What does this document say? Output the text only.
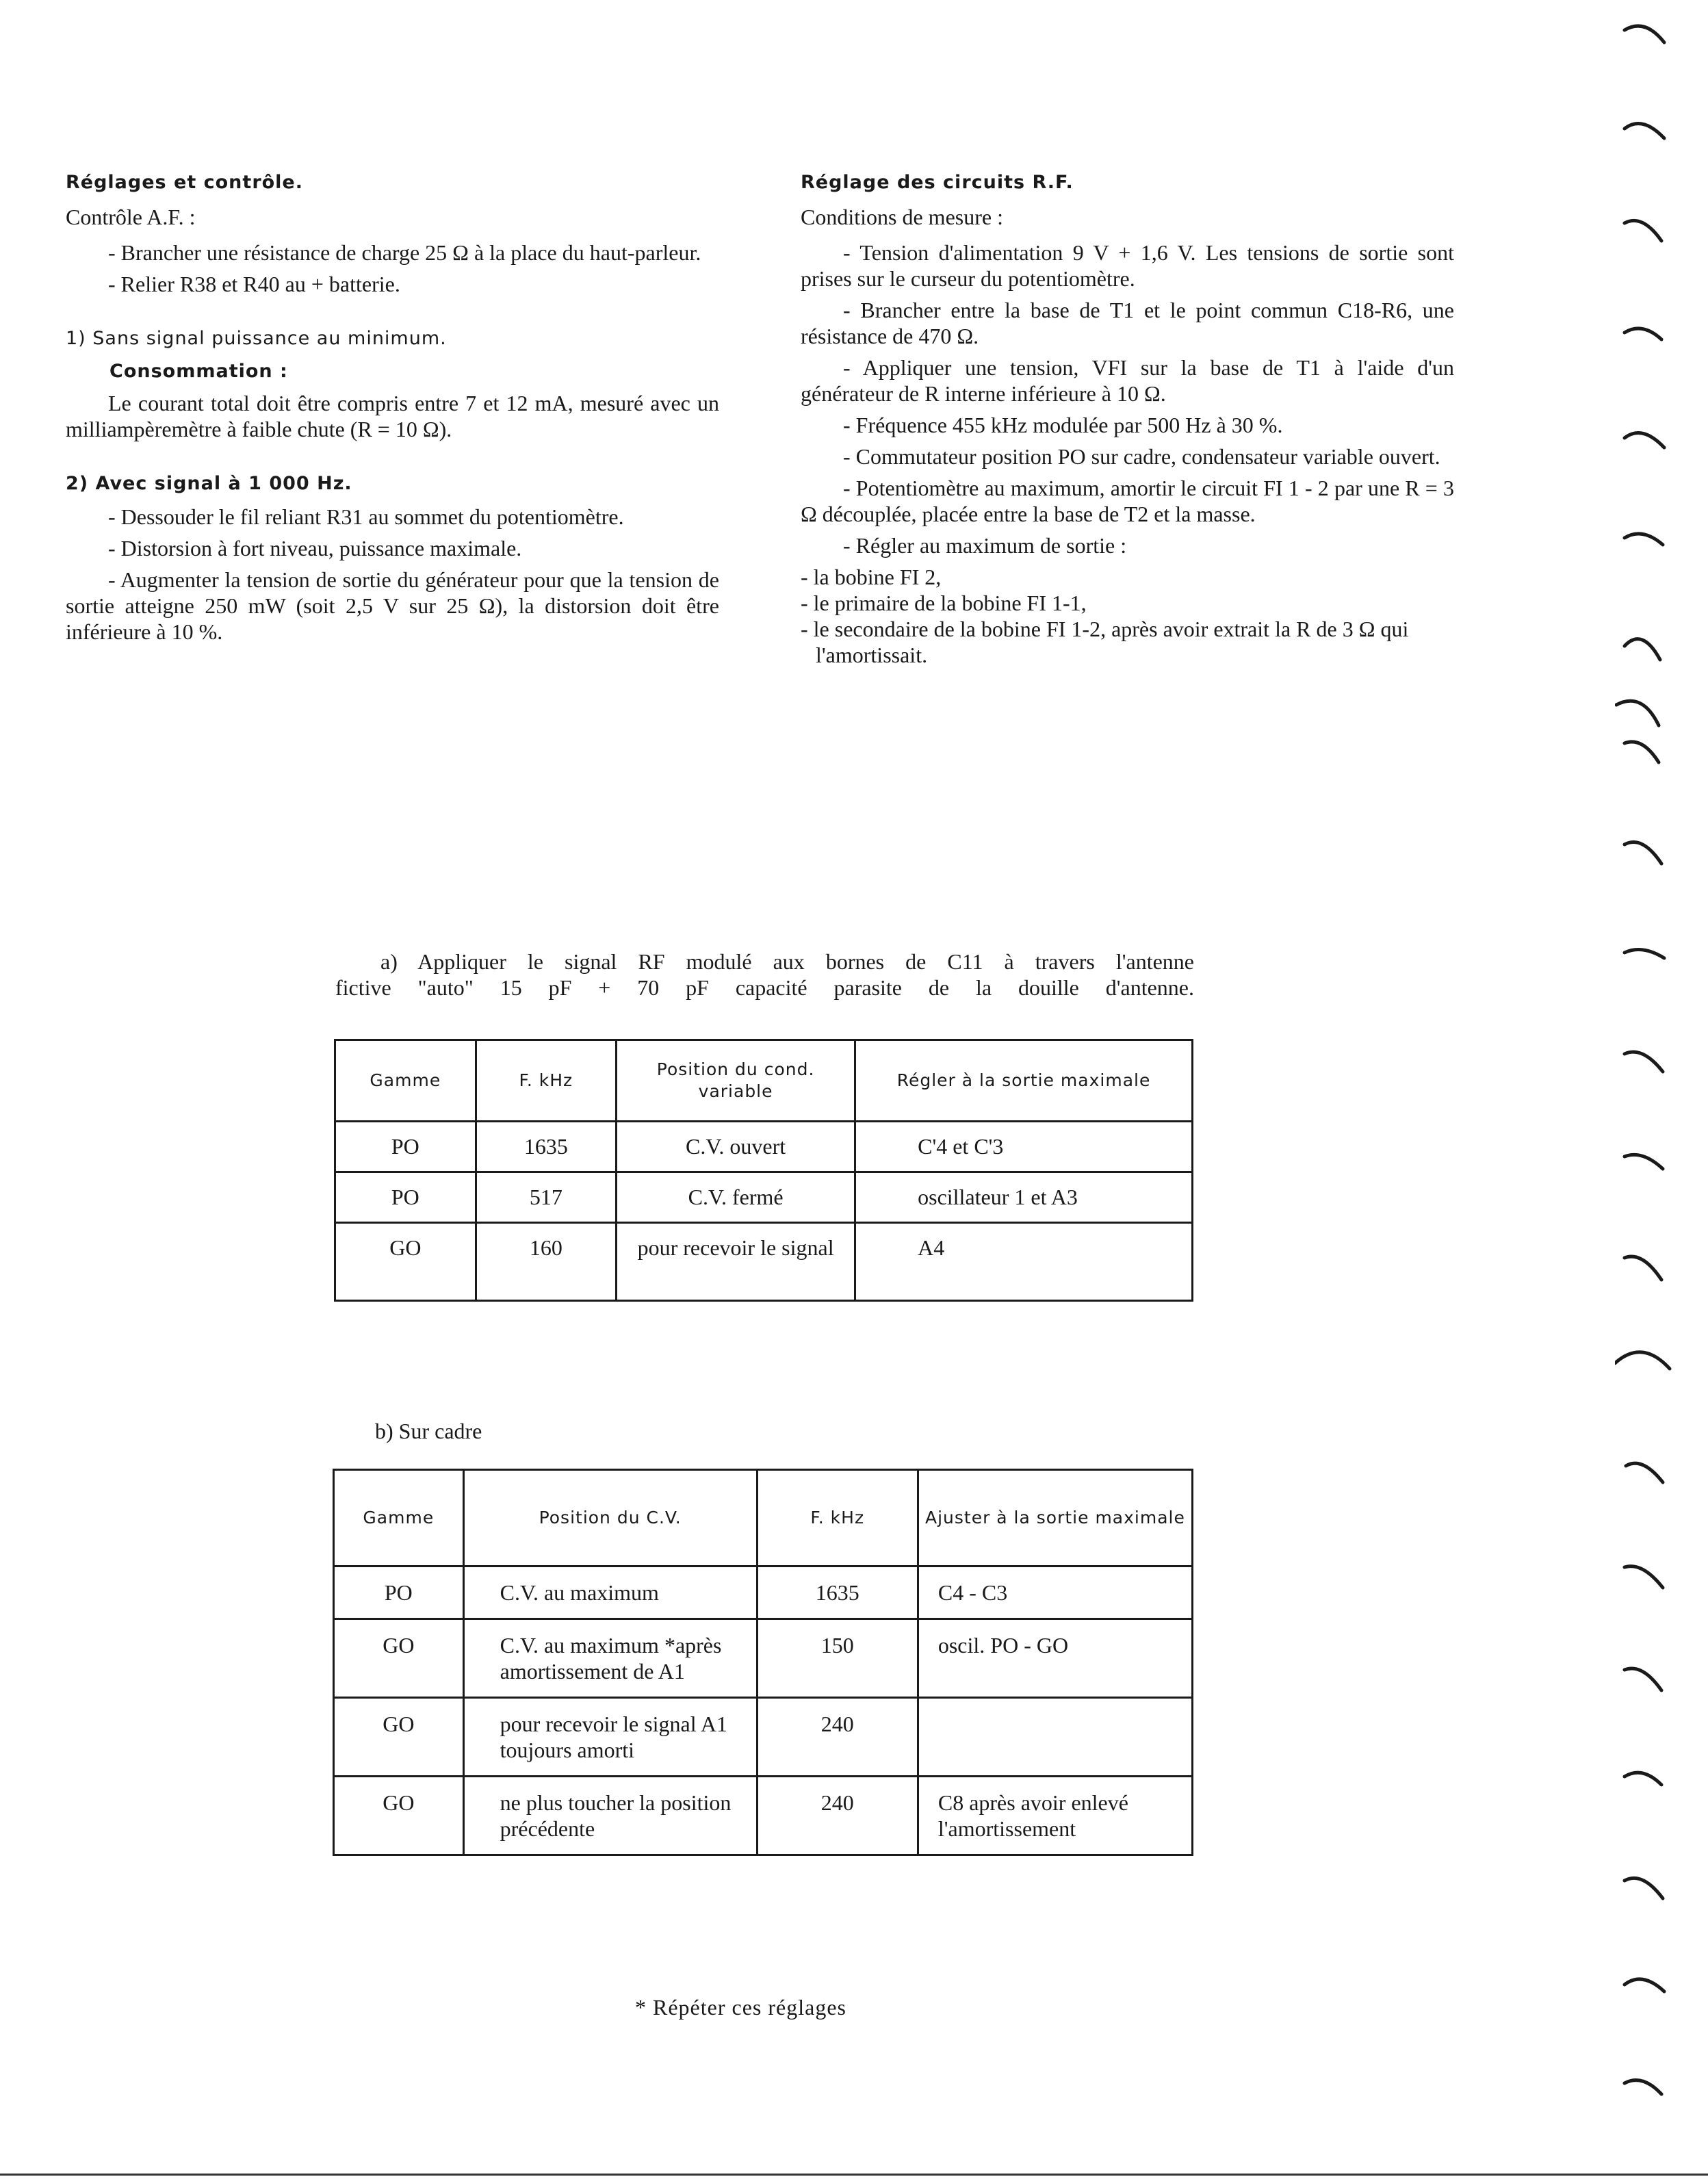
Réglages et contrôle.
Contrôle A.F. :
- Brancher une résistance de charge 25 Ω à la place du haut-parleur.
- Relier R38 et R40 au + batterie.
1) Sans signal puissance au minimum.
Consommation :
Le courant total doit être compris entre 7 et 12 mA, mesuré avec un milliampèremètre à faible chute (R = 10 Ω).
2) Avec signal à 1 000 Hz.
- Dessouder le fil reliant R31 au sommet du potentiomètre.
- Distorsion à fort niveau, puissance maximale.
- Augmenter la tension de sortie du générateur pour que la tension de sortie atteigne 250 mW (soit 2,5 V sur 25 Ω), la distorsion doit être inférieure à 10 %.
Réglage des circuits R.F.
Conditions de mesure :
- Tension d'alimentation 9 V + 1,6 V. Les tensions de sortie sont prises sur le curseur du potentiomètre.
- Brancher entre la base de T1 et le point commun C18-R6, une résistance de 470 Ω.
- Appliquer une tension, VFI sur la base de T1 à l'aide d'un générateur de R interne inférieure à 10 Ω.
- Fréquence 455 kHz modulée par 500 Hz à 30 %.
- Commutateur position PO sur cadre, condensateur variable ouvert.
- Potentiomètre au maximum, amortir le circuit FI 1 - 2 par une R = 3 Ω découplée, placée entre la base de T2 et la masse.
- Régler au maximum de sortie :
- la bobine FI 2,
- le primaire de la bobine FI 1-1,
- le secondaire de la bobine FI 1-2, après avoir extrait la R de 3 Ω qui l'amortissait.
a) Appliquer le signal RF modulé aux bornes de C11 à travers l'antenne
fictive "auto" 15 pF + 70 pF capacité parasite de la douille d'antenne.
Gamme	F. kHz	Position du cond. variable	Régler à la sortie maximale
PO	1635	C.V. ouvert	C'4 et C'3
PO	517	C.V. fermé	oscillateur 1 et A3
GO	160	pour recevoir le signal	A4
b) Sur cadre
Gamme	Position du C.V.	F. kHz	Ajuster à la sortie maximale
PO	C.V. au maximum	1635	C4 - C3
GO	C.V. au maximum *après amortissement de A1	150	oscil. PO - GO
GO	pour recevoir le signal A1 toujours amorti	240	
GO	ne plus toucher la position précédente	240	C8 après avoir enlevé l'amortissement
* Répéter ces réglages
